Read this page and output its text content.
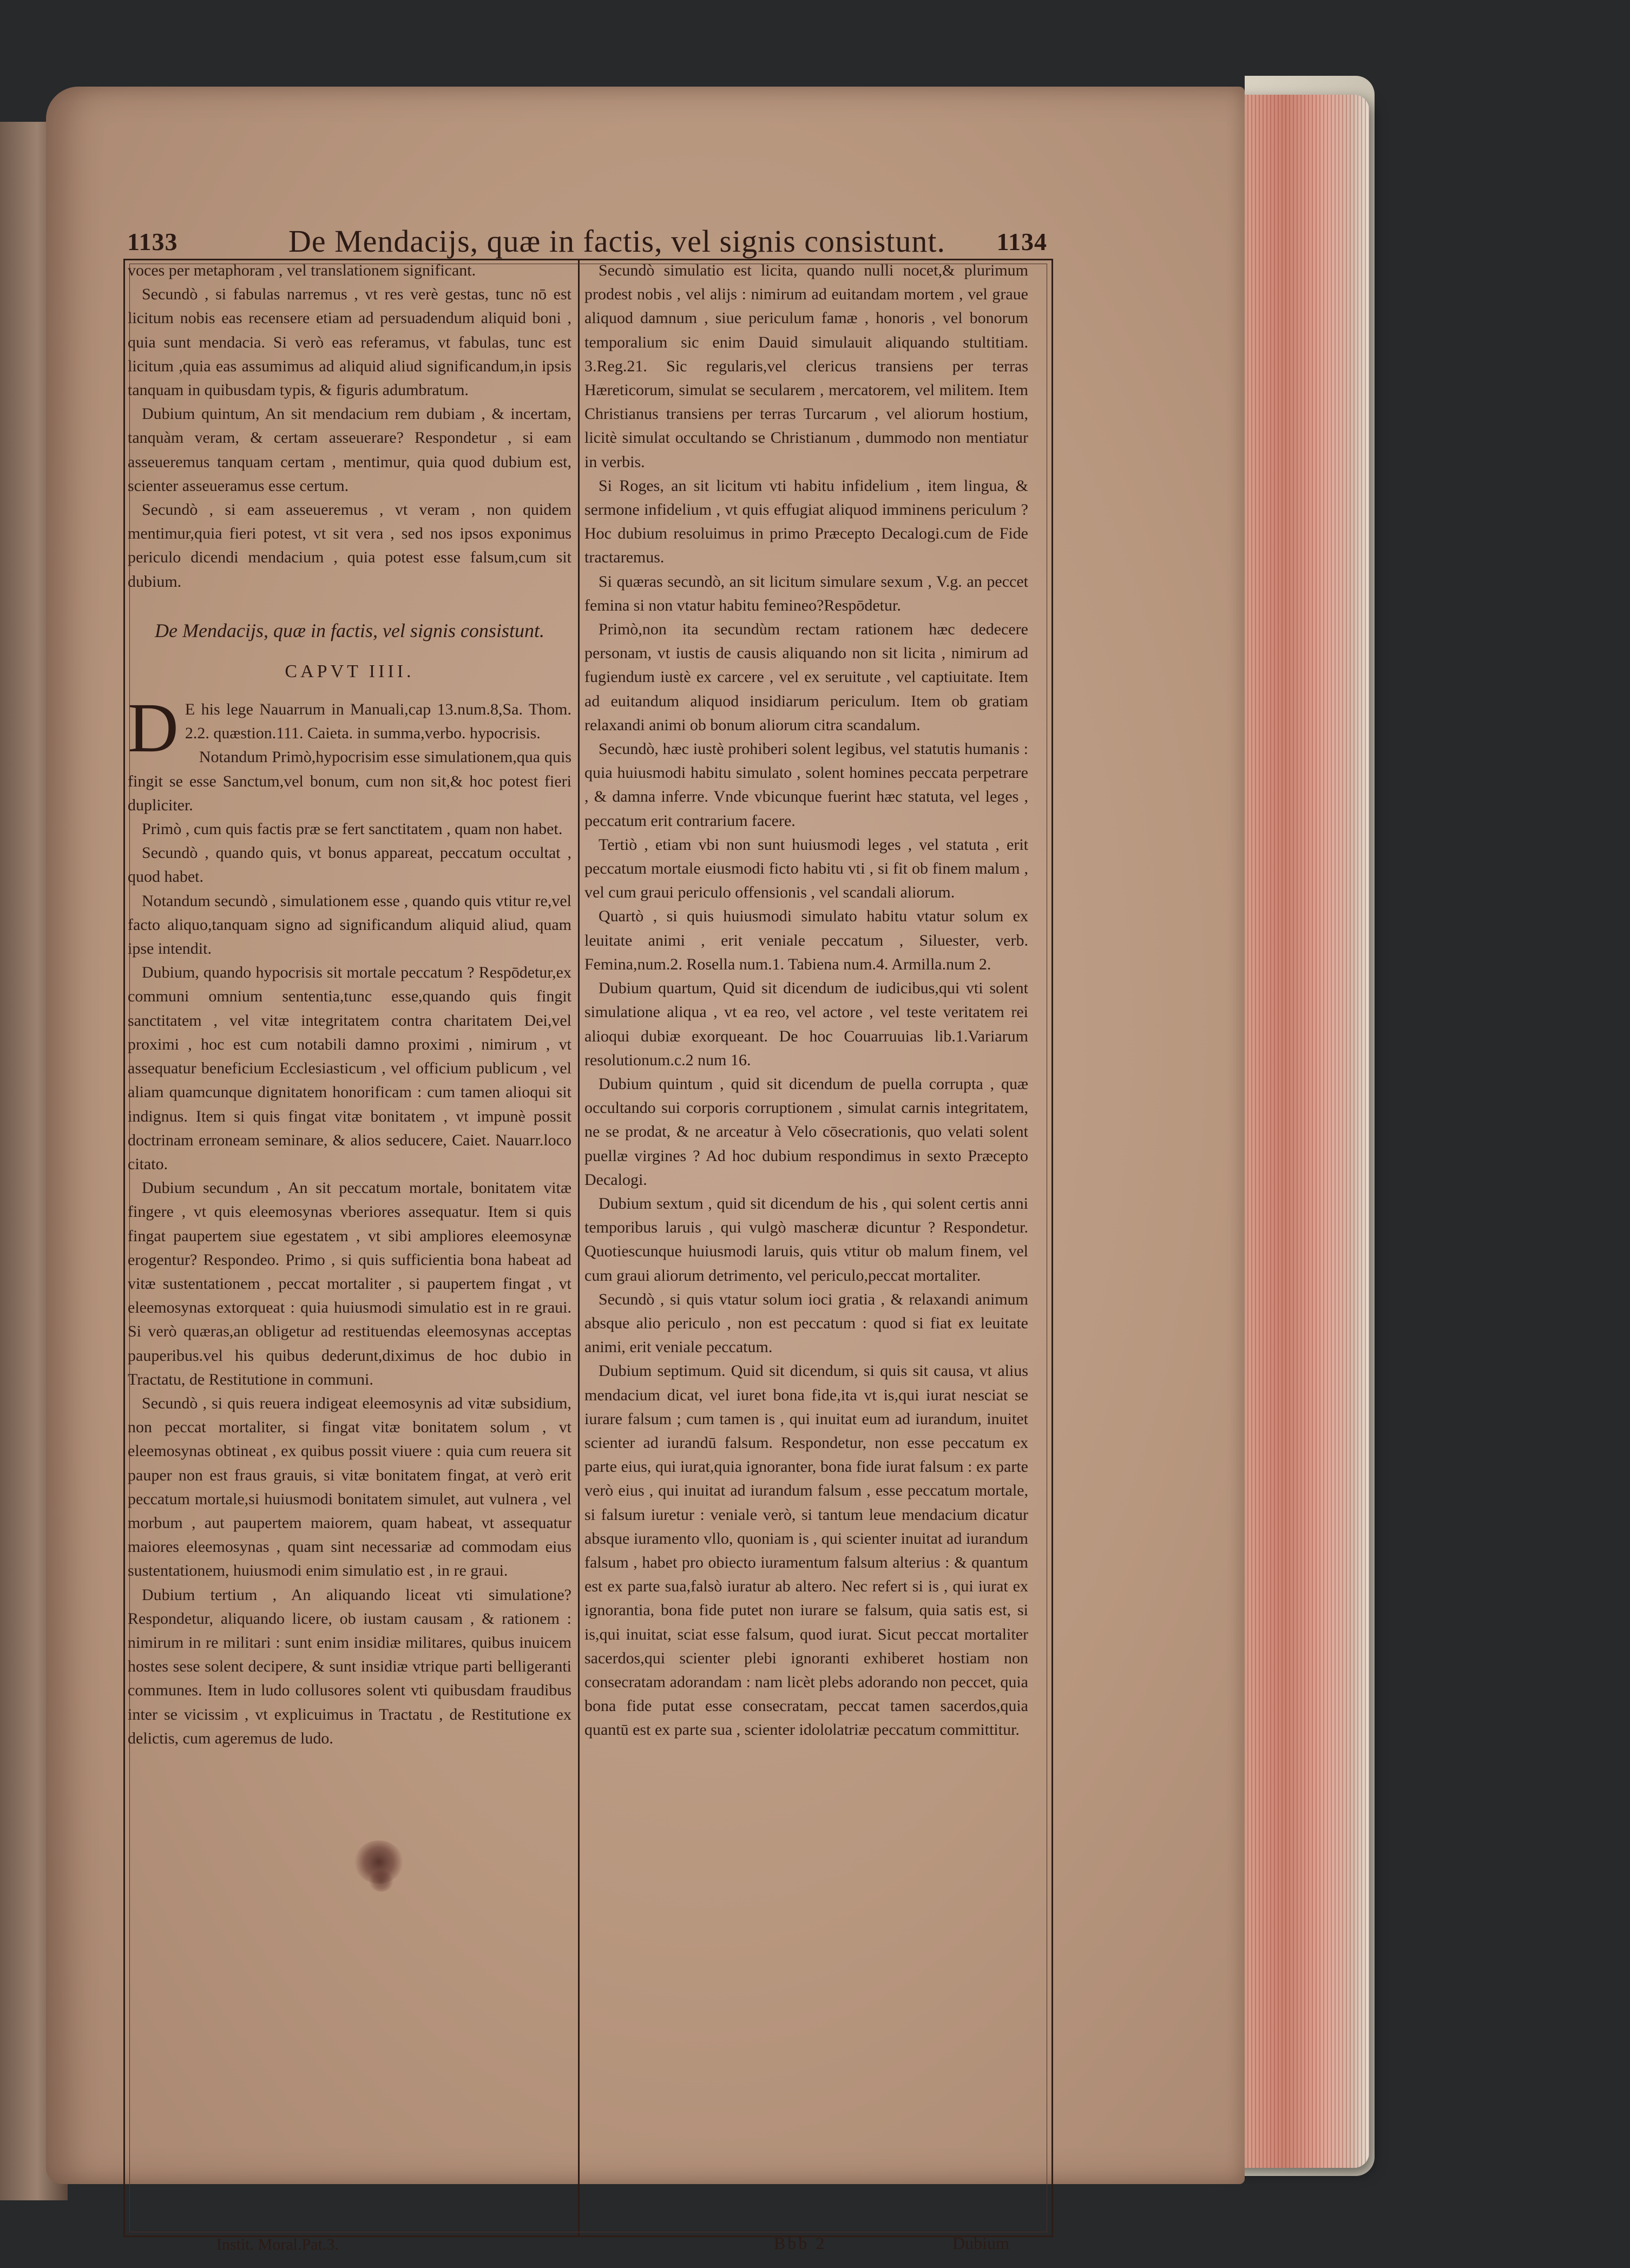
1133	De Mendacijs, quæ in factis, vel signis consistunt. 1134

voces per metaphoram , vel translationem significant.

Secundò , si fabulas narremus , vt res verè gestas, tunc nō est licitum nobis eas recensere etiam ad persuadendum aliquid boni , quia sunt mendacia. Si verò eas referamus, vt fabulas, tunc est licitum ,quia eas assumimus ad aliquid aliud significandum,in ipsis tanquam in quibusdam typis, & figuris adumbratum.

Dubium quintum, An sit mendacium rem dubiam , & incertam, tanquàm veram, & certam asseuerare? Respondetur , si eam asseueremus tanquam certam , mentimur, quia quod dubium est, scienter asseueramus esse certum.

Secundò , si eam asseueremus , vt veram , non quidem mentimur,quia fieri potest, vt sit vera , sed nos ipsos exponimus periculo dicendi mendacium , quia potest esse falsum,cum sit dubium.

De Mendacijs, quæ in factis, vel signis consistunt.

CAPVT IIII.

D E his lege Nauarrum in Manuali,cap 13.num.8,Sa. Thom. 2.2. quæstion.111. Caieta. in summa,verbo. hypocrisis.

Notandum Primò,hypocrisim esse simulationem,qua quis fingit se esse Sanctum,vel bonum, cum non sit,& hoc potest fieri dupliciter.

Primò , cum quis factis præ se fert sanctitatem , quam non habet.

Secundò , quando quis, vt bonus appareat, peccatum occultat , quod habet.

Notandum secundò , simulationem esse , quando quis vtitur re,vel facto aliquo,tanquam signo ad significandum aliquid aliud, quam ipse intendit.

Dubium, quando hypocrisis sit mortale peccatum ? Respōdetur,ex communi omnium sententia,tunc esse,quando quis fingit sanctitatem , vel vitæ integritatem contra charitatem Dei,vel proximi , hoc est cum notabili damno proximi , nimirum , vt assequatur beneficium Ecclesiasticum , vel officium publicum , vel aliam quamcunque dignitatem honorificam : cum tamen alioqui sit indignus. Item si quis fingat vitæ bonitatem , vt impunè possit doctrinam erroneam seminare, & alios seducere, Caiet. Nauarr.loco citato.

Dubium secundum , An sit peccatum mortale, bonitatem vitæ fingere , vt quis eleemosynas vberiores assequatur. Item si quis fingat paupertem siue egestatem , vt sibi ampliores eleemosynæ erogentur? Respondeo. Primo , si quis sufficientia bona habeat ad vitæ sustentationem , peccat mortaliter , si paupertem fingat , vt eleemosynas extorqueat : quia huiusmodi simulatio est in re graui. Si verò quæras,an obligetur ad restituendas eleemosynas acceptas pauperibus.vel his quibus dederunt,diximus de hoc dubio in Tractatu, de Restitutione in communi.

Secundò , si quis reuera indigeat eleemosynis ad vitæ subsidium, non peccat mortaliter, si fingat vitæ bonitatem solum , vt eleemosynas obtineat , ex quibus possit viuere : quia cum reuera sit pauper non est fraus grauis, si vitæ bonitatem fingat, at verò erit peccatum mortale,si huiusmodi bonitatem simulet, aut vulnera , vel morbum , aut paupertem maiorem, quam habeat, vt assequatur maiores eleemosynas , quam sint necessariæ ad commodam eius sustentationem, huiusmodi enim simulatio est , in re graui.

Dubium tertium , An aliquando liceat vti simulatione? Respondetur, aliquando licere, ob iustam causam , & rationem : nimirum in re militari : sunt enim insidiæ militares, quibus inuicem hostes sese solent decipere, & sunt insidiæ vtrique parti belligeranti communes. Item in ludo collusores solent vti quibusdam fraudibus inter se vicissim , vt explicuimus in Tractatu , de Restitutione ex delictis, cum ageremus de ludo.

Secundò simulatio est licita, quando nulli nocet,& plurimum prodest nobis , vel alijs : nimirum ad euitandam mortem , vel graue aliquod damnum , siue periculum famæ , honoris , vel bonorum temporalium sic enim Dauid simulauit aliquando stultitiam. 3.Reg.21. Sic regularis,vel clericus transiens per terras Hæreticorum, simulat se secularem , mercatorem, vel militem. Item Christianus transiens per terras Turcarum , vel aliorum hostium, licitè simulat occultando se Christianum , dummodo non mentiatur in verbis.

Si Roges, an sit licitum vti habitu infidelium , item lingua, & sermone infidelium , vt quis effugiat aliquod imminens periculum ? Hoc dubium resoluimus in primo Præcepto Decalogi.cum de Fide tractaremus.

Si quæras secundò, an sit licitum simulare sexum , V.g. an peccet femina si non vtatur habitu femineo?Respōdetur.

Primò,non ita secundùm rectam rationem hæc dedecere personam, vt iustis de causis aliquando non sit licita , nimirum ad fugiendum iustè ex carcere , vel ex seruitute , vel captiuitate. Item ad euitandum aliquod insidiarum periculum. Item ob gratiam relaxandi animi ob bonum aliorum citra scandalum.

Secundò, hæc iustè prohiberi solent legibus, vel statutis humanis : quia huiusmodi habitu simulato , solent homines peccata perpetrare , & damna inferre. Vnde vbicunque fuerint hæc statuta, vel leges , peccatum erit contrarium facere.

Tertiò , etiam vbi non sunt huiusmodi leges , vel statuta , erit peccatum mortale eiusmodi ficto habitu vti , si fit ob finem malum , vel cum graui periculo offensionis , vel scandali aliorum.

Quartò , si quis huiusmodi simulato habitu vtatur solum ex leuitate animi , erit veniale peccatum , Siluester, verb. Femina,num.2. Rosella num.1. Tabiena num.4. Armilla.num 2.

Dubium quartum, Quid sit dicendum de iudicibus,qui vti solent simulatione aliqua , vt ea reo, vel actore , vel teste veritatem rei alioqui dubiæ exorqueant. De hoc Couarruuias lib.1.Variarum resolutionum.c.2 num 16.

Dubium quintum , quid sit dicendum de puella corrupta , quæ occultando sui corporis corruptionem , simulat carnis integritatem, ne se prodat, & ne arceatur à Velo cōsecrationis, quo velati solent puellæ virgines ? Ad hoc dubium respondimus in sexto Præcepto Decalogi.

Dubium sextum , quid sit dicendum de his , qui solent certis anni temporibus laruis , qui vulgò mascheræ dicuntur ? Respondetur. Quotiescunque huiusmodi laruis, quis vtitur ob malum finem, vel cum graui aliorum detrimento, vel periculo,peccat mortaliter.

Secundò , si quis vtatur solum ioci gratia , & relaxandi animum absque alio periculo , non est peccatum : quod si fiat ex leuitate animi, erit veniale peccatum.

Dubium septimum. Quid sit dicendum, si quis sit causa, vt alius mendacium dicat, vel iuret bona fide,ita vt is,qui iurat nesciat se iurare falsum ; cum tamen is , qui inuitat eum ad iurandum, inuitet scienter ad iurandū falsum. Respondetur, non esse peccatum ex parte eius, qui iurat,quia ignoranter, bona fide iurat falsum : ex parte verò eius , qui inuitat ad iurandum falsum , esse peccatum mortale, si falsum iuretur : veniale verò, si tantum leue mendacium dicatur absque iuramento vllo, quoniam is , qui scienter inuitat ad iurandum falsum , habet pro obiecto iuramentum falsum alterius : & quantum est ex parte sua,falsò iuratur ab altero. Nec refert si is , qui iurat ex ignorantia, bona fide putet non iurare se falsum, quia satis est, si is,qui inuitat, sciat esse falsum, quod iurat. Sicut peccat mortaliter sacerdos,qui scienter plebi ignoranti exhiberet hostiam non consecratam adorandam : nam licèt plebs adorando non peccet, quia bona fide putat esse consecratam, peccat tamen sacerdos,quia quantū est ex parte sua , scienter idololatriæ peccatum committitur.

Instit. Moral.Pat.3.	Bbb 2	Dubium
